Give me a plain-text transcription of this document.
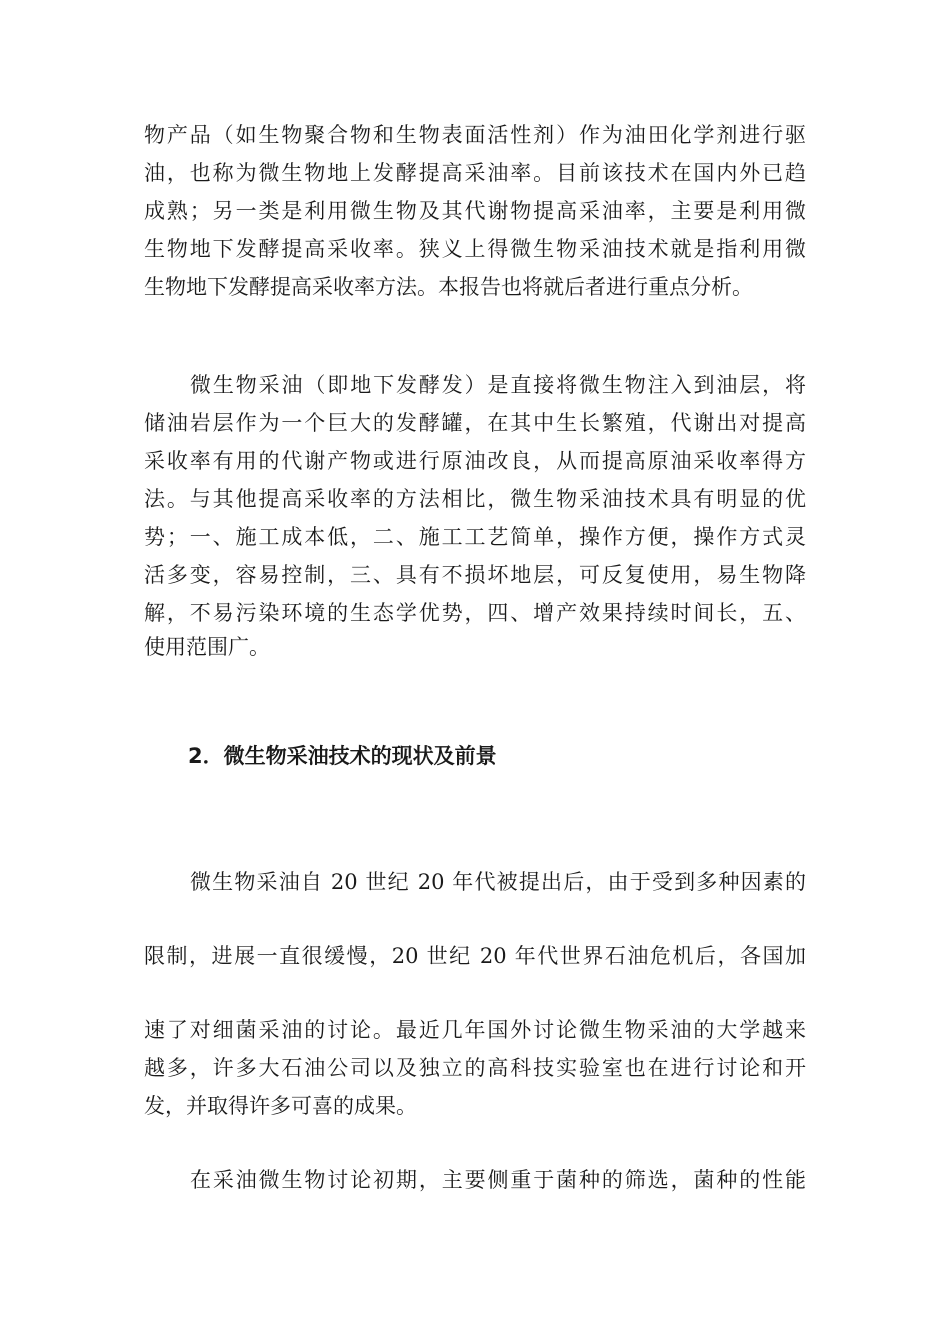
物产品（如生物聚合物和生物表面活性剂）作为油田化学剂进行驱
油，也称为微生物地上发酵提高采油率。目前该技术在国内外已趋
成熟；另一类是利用微生物及其代谢物提高采油率，主要是利用微
生物地下发酵提高采收率。狭义上得微生物采油技术就是指利用微
生物地下发酵提高采收率方法。本报告也将就后者进行重点分析。
微生物采油（即地下发酵发）是直接将微生物注入到油层，将
储油岩层作为一个巨大的发酵罐，在其中生长繁殖，代谢出对提高
采收率有用的代谢产物或进行原油改良，从而提高原油采收率得方
法。与其他提高采收率的方法相比，微生物采油技术具有明显的优
势；一、施工成本低，二、施工工艺简单，操作方便，操作方式灵
活多变，容易控制，三、具有不损坏地层，可反复使用，易生物降
解，不易污染环境的生态学优势，四、增产效果持续时间长，五、
使用范围广。
2．微生物采油技术的现状及前景
微生物采油自 20 世纪 20 年代被提出后，由于受到多种因素的
限制，进展一直很缓慢，20 世纪 20 年代世界石油危机后，各国加
速了对细菌采油的讨论。最近几年国外讨论微生物采油的大学越来
越多，许多大石油公司以及独立的高科技实验室也在进行讨论和开
发，并取得许多可喜的成果。
在采油微生物讨论初期，主要侧重于菌种的筛选，菌种的性能
